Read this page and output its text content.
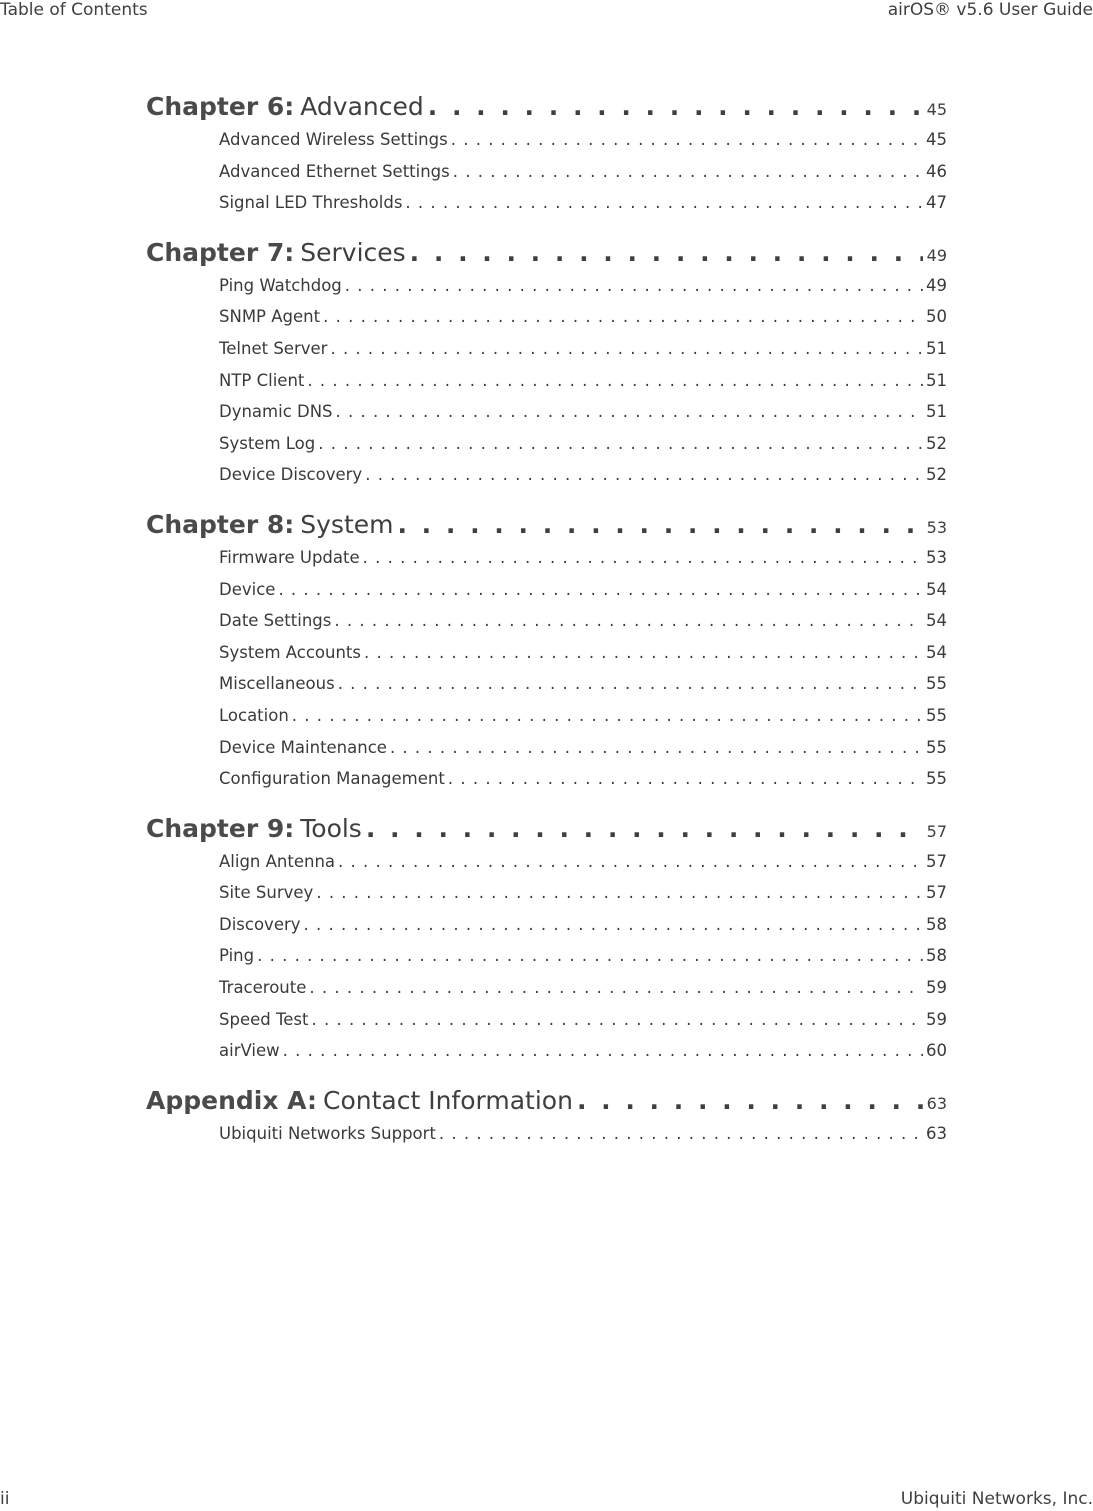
Table of Contents	airOS® v5.6 User Guide
Chapter 6: Advanced . . .	45
Advanced Wireless Settings . . .	45
Advanced Ethernet Settings . . .	46
Signal LED Thresholds . . .	47
Chapter 7: Services . . .	49
Ping Watchdog . . .	49
SNMP Agent . . .	50
Telnet Server . . .	51
NTP Client . . .	51
Dynamic DNS . . .	51
System Log . . .	52
Device Discovery . . .	52
Chapter 8: System . . .	53
Firmware Update . . .	53
Device . . .	54
Date Settings . . .	54
System Accounts . . .	54
Miscellaneous . . .	55
Location . . .	55
Device Maintenance . . .	55
Configuration Management . . .	55
Chapter 9: Tools . . .	57
Align Antenna . . .	57
Site Survey . . .	57
Discovery . . .	58
Ping . . .	58
Traceroute . . .	59
Speed Test . . .	59
airView . . .	60
Appendix A: Contact Information . . .	63
Ubiquiti Networks Support . . .	63
ii	Ubiquiti Networks, Inc.
